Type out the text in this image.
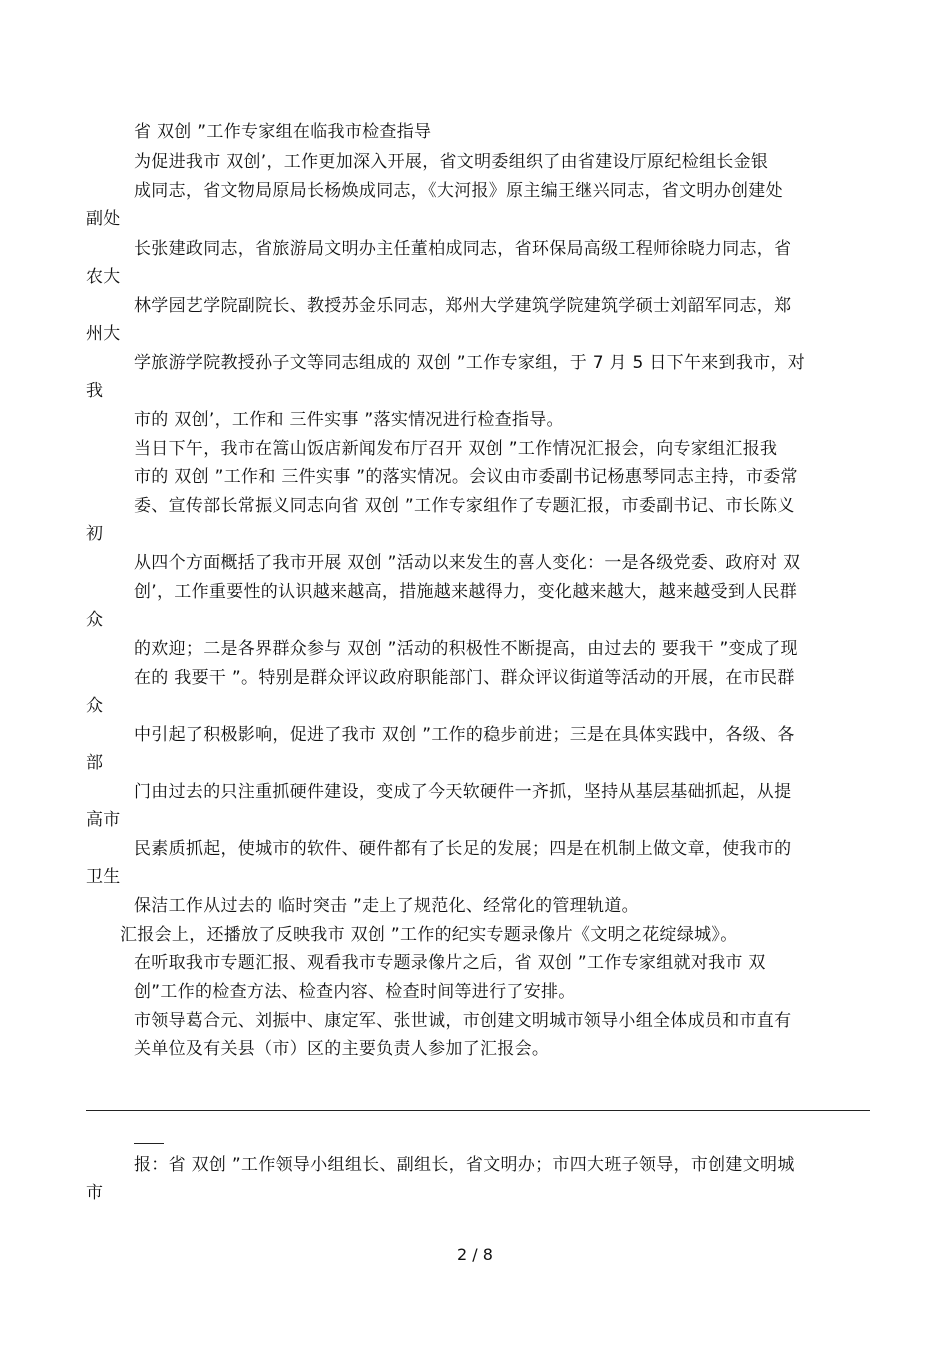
省 双创 ”工作专家组在临我市检查指导
为促进我市 双创’，工作更加深入开展，省文明委组织了由省建设厅原纪检组长金银
成同志，省文物局原局长杨焕成同志，《大河报》原主编王继兴同志，省文明办创建处
副处
长张建政同志，省旅游局文明办主任董柏成同志，省环保局高级工程师徐晓力同志，省
农大
林学园艺学院副院长、教授苏金乐同志，郑州大学建筑学院建筑学硕士刘韶军同志，郑
州大
学旅游学院教授孙子文等同志组成的 双创 ”工作专家组，于 7 月 5 日下午来到我市，对
我
市的 双创’，工作和 三件实事 ”落实情况进行检查指导。
当日下午，我市在篙山饭店新闻发布厅召开 双创 ”工作情况汇报会，向专家组汇报我
市的 双创 ”工作和 三件实事 ”的落实情况。会议由市委副书记杨惠琴同志主持，市委常
委、宣传部长常振义同志向省 双创 ”工作专家组作了专题汇报，市委副书记、市长陈义
初
从四个方面概括了我市开展 双创 ”活动以来发生的喜人变化：一是各级党委、政府对 双
创’，工作重要性的认识越来越高，措施越来越得力，变化越来越大，越来越受到人民群
众
的欢迎；二是各界群众参与 双创 ”活动的积极性不断提高，由过去的 要我干 ”变成了现
在的 我要干 ”。特别是群众评议政府职能部门、群众评议街道等活动的开展，在市民群
众
中引起了积极影响，促进了我市 双创 ”工作的稳步前进；三是在具体实践中，各级、各
部
门由过去的只注重抓硬件建设，变成了今天软硬件一齐抓，坚持从基层基础抓起，从提
高市
民素质抓起，使城市的软件、硬件都有了长足的发展；四是在机制上做文章，使我市的
卫生
保洁工作从过去的 临时突击 ”走上了规范化、经常化的管理轨道。
汇报会上，还播放了反映我市 双创 ”工作的纪实专题录像片《文明之花绽绿城》。
在听取我市专题汇报、观看我市专题录像片之后，省 双创 ”工作专家组就对我市 双
创”工作的检查方法、检查内容、检查时间等进行了安排。
市领导葛合元、刘振中、康定军、张世诚，市创建文明城市领导小组全体成员和市直有
关单位及有关县（市）区的主要负责人参加了汇报会。
报：省 双创 ”工作领导小组组长、副组长，省文明办；市四大班子领导，市创建文明城
市
2 / 8
